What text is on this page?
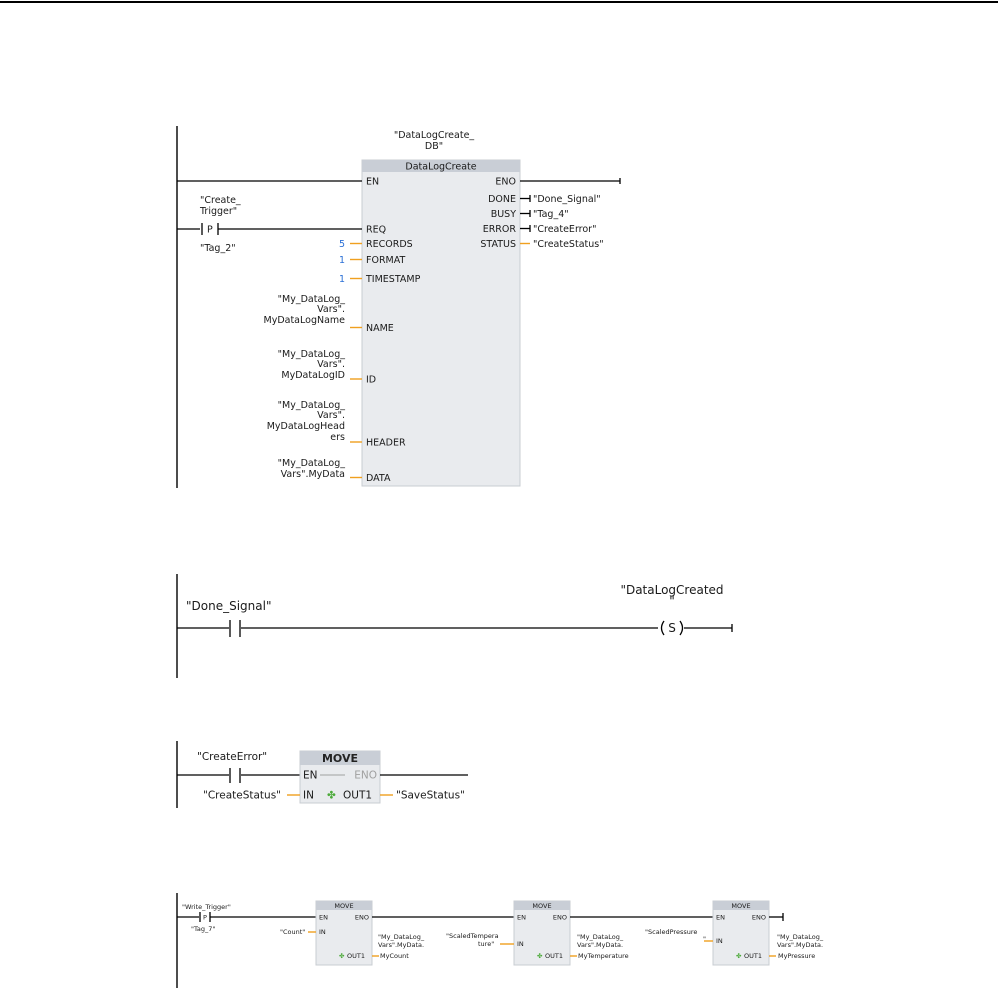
"DataLogCreate_
DB"
DataLogCreate
EN	ENO
"Create_
Trigger"
P
"Tag_2"
DONE "Done_Signal"
BUSY "Tag_4"
ERROR "CreateError"
STATUS "CreateStatus"
REQ
5 RECORDS
1 FORMAT
1 TIMESTAMP
"My_DataLog_
Vars".
MyDataLogName
NAME
"My_DataLog_
Vars".
MyDataLogID ID
"My_DataLog_
Vars".
MyDataLogHead
ers HEADER
"My_DataLog_
Vars".MyData DATA
"Done_Signal"
"DataLogCreated
"
S
"CreateError"	MOVE
EN	ENO
"CreateStatus" IN ✤ OUT1 "SaveStatus"
"Write_Trigger"
P
"Tag_7"
MOVE
EN	ENO
"Count" IN
✤ OUT1
"My_DataLog_
Vars".MyData.
MyCount
MOVE
EN	ENO
"ScaledTempera
ture"	IN
✤ OUT1
"My_DataLog_
Vars".MyData.
MyTemperature
MOVE
EN	ENO
"ScaledPressure
" IN
✤ OUT1
"My_DataLog_
Vars".MyData.
MyPressure
